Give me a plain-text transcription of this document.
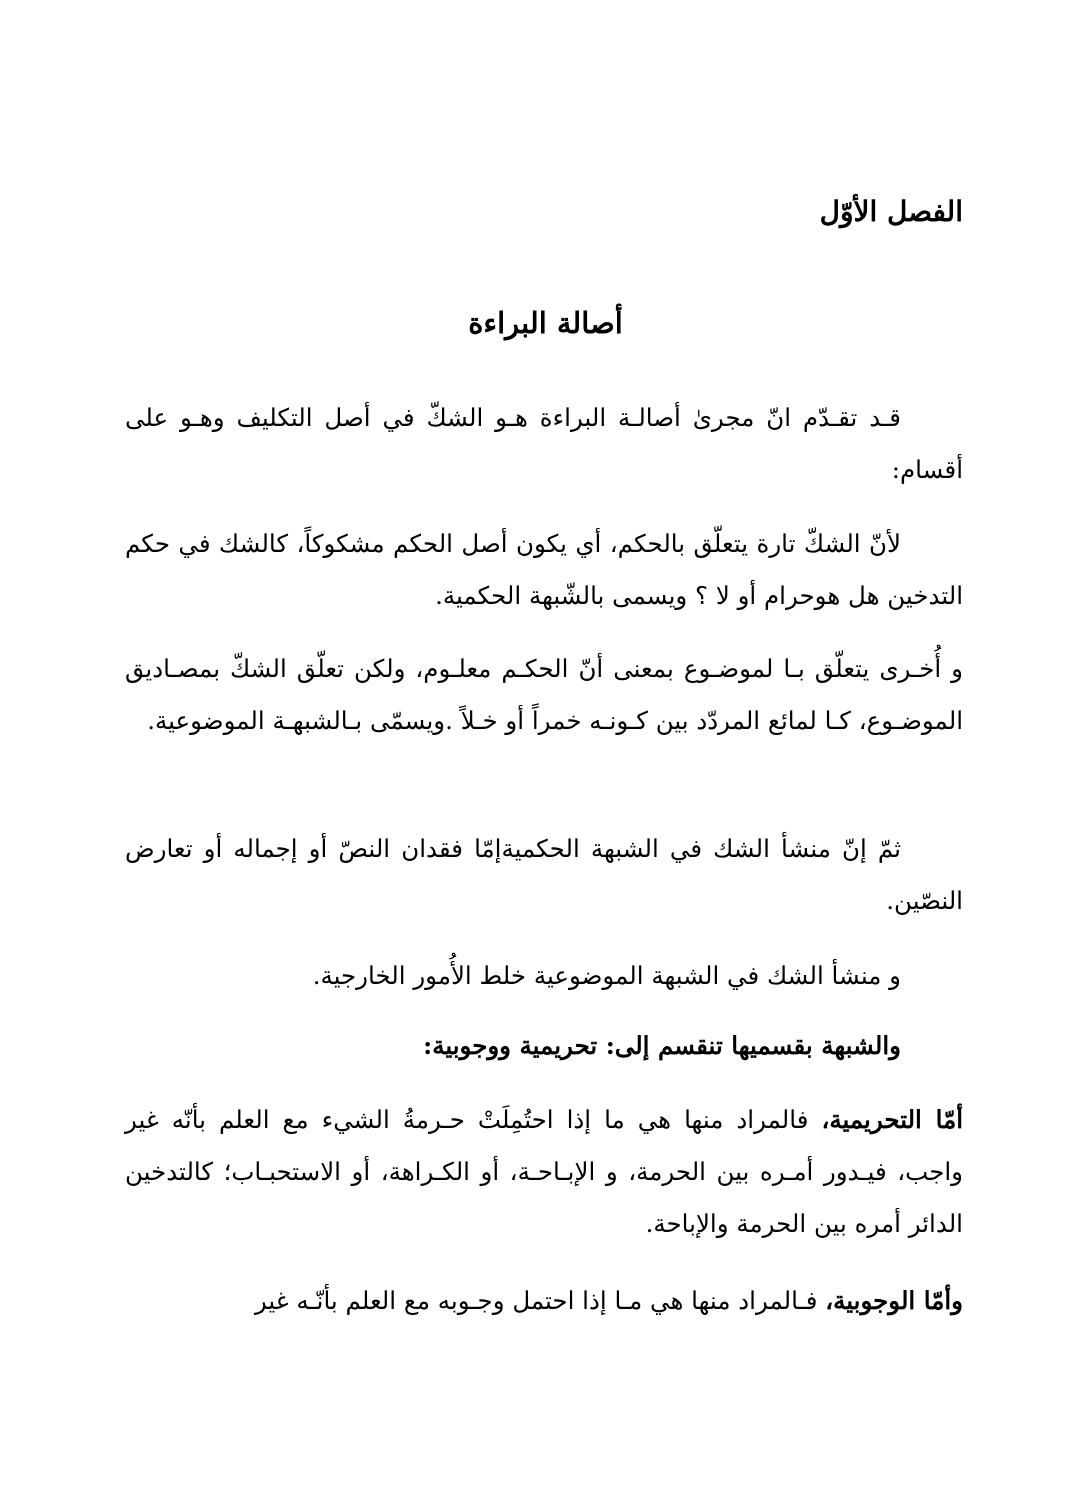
الفصل الأوّل
أصالة البراءة
قـد تقـدّم انّ مجرىٰ أصالـة البراءة هـو الشكّ في أصل التكليف وهـو على أقسام:
لأنّ الشكّ تارة يتعلّق بالحكم، أي يكون أصل الحكم مشكوكاً، كالشك في حكم التدخين هل هوحرام أو لا ؟ ويسمى بالشّبهة الحكمية.
و أُخـرى يتعلّق بـا لموضـوع بمعنى أنّ الحكـم معلـوم، ولكن تعلّق الشكّ بمصـاديق الموضـوع، كـا لمائع المردّد بين كـونـه خمراً أو خـلاً .ويسمّى بـالشبهـة الموضوعية.
ثمّ إنّ منشأ الشك في الشبهة الحكميةإمّا فقدان النصّ أو إجماله أو تعارض النصّين.
و منشأ الشك في الشبهة الموضوعية خلط الأُمور الخارجية.
والشبهة بقسميها تنقسم إلى: تحريمية ووجوبية:
أمّا التحريمية، فالمراد منها هي ما إذا احتُمِلَتْ حـرمةُ الشيء مع العلم بأنّه غير واجب، فيـدور أمـره بين الحرمة، و الإبـاحـة، أو الكـراهة، أو الاستحبـاب؛ كالتدخين الدائر أمره بين الحرمة والإباحة.
وأمّا الوجوبية، فـالمراد منها هي مـا إذا احتمل وجـوبه مع العلم بأنّـه غير
